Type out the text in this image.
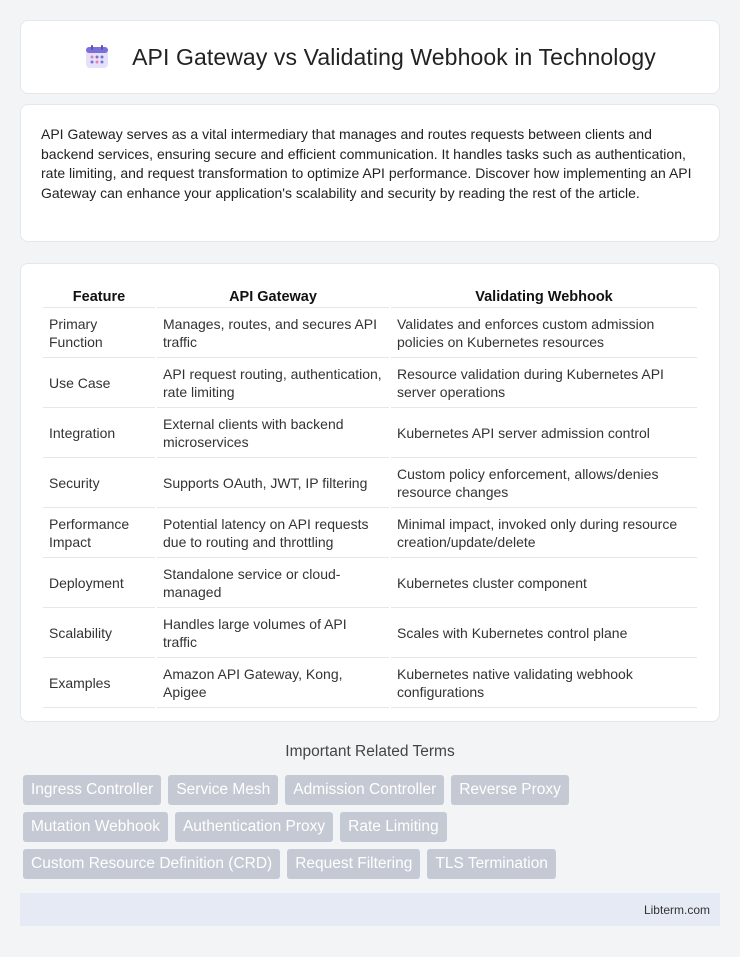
API Gateway vs Validating Webhook in Technology

API Gateway serves as a vital intermediary that manages and routes requests between clients and backend services, ensuring secure and efficient communication. It handles tasks such as authentication, rate limiting, and request transformation to optimize API performance. Discover how implementing an API Gateway can enhance your application's scalability and security by reading the rest of the article.

Feature	API Gateway	Validating Webhook
Primary Function	Manages, routes, and secures API traffic	Validates and enforces custom admission policies on Kubernetes resources
Use Case	API request routing, authentication, rate limiting	Resource validation during Kubernetes API server operations
Integration	External clients with backend microservices	Kubernetes API server admission control
Security	Supports OAuth, JWT, IP filtering	Custom policy enforcement, allows/denies resource changes
Performance Impact	Potential latency on API requests due to routing and throttling	Minimal impact, invoked only during resource creation/update/delete
Deployment	Standalone service or cloud-managed	Kubernetes cluster component
Scalability	Handles large volumes of API traffic	Scales with Kubernetes control plane
Examples	Amazon API Gateway, Kong, Apigee	Kubernetes native validating webhook configurations
Important Related Terms
Ingress Controller	Service Mesh	Admission Controller	Reverse Proxy
Mutation Webhook	Authentication Proxy	Rate Limiting
Custom Resource Definition (CRD)	Request Filtering	TLS Termination
Libterm.com
